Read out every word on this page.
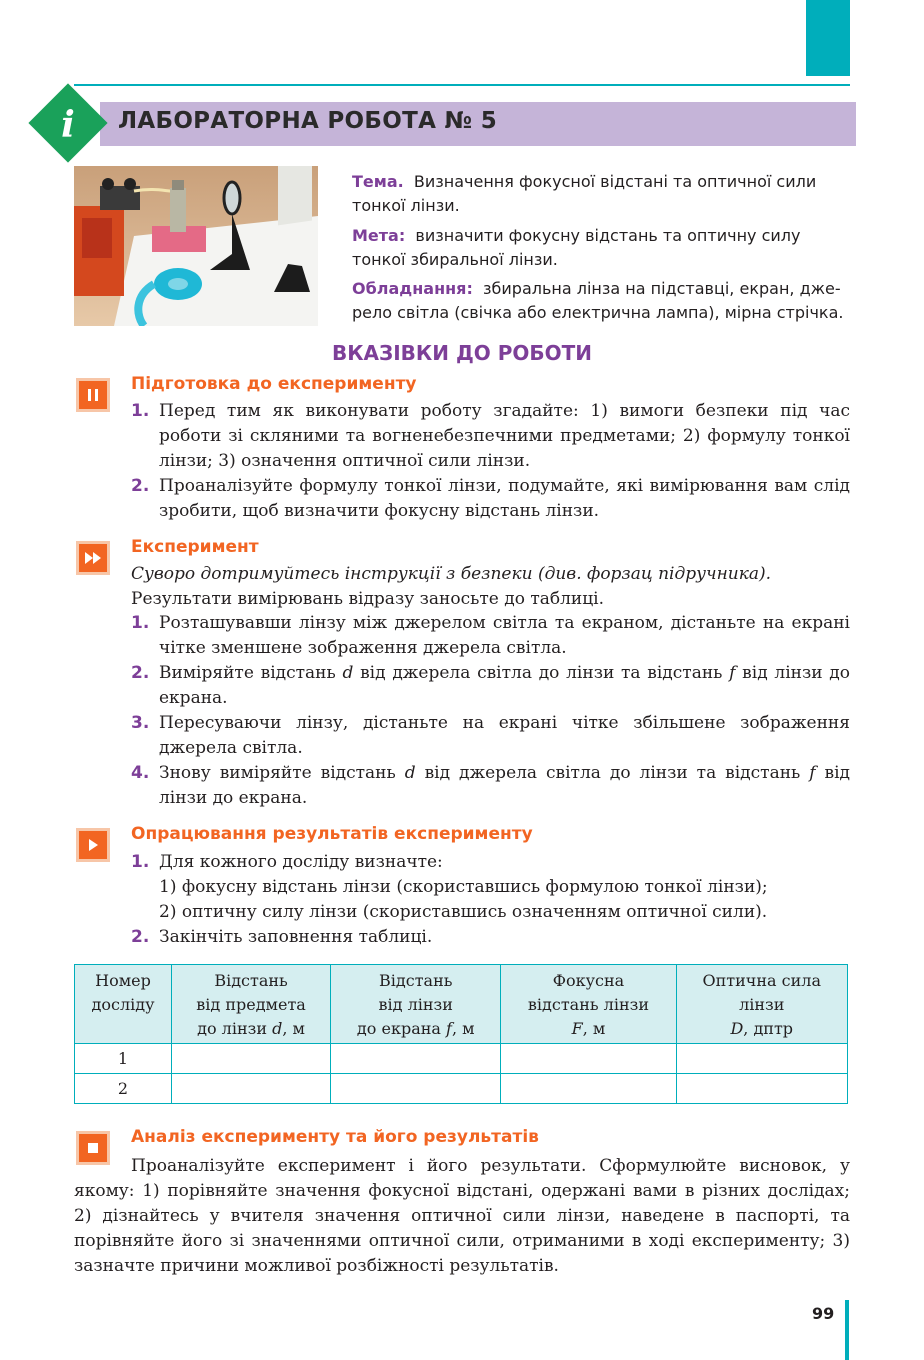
i	ЛАБОРАТОРНА РОБОТА № 5
Тема. Визначення фокусної відстані та оптичної сили тонкої лінзи.
Мета: визначити фокусну відстань та оптичну силу тонкої збиральної лінзи.
Обладнання: збиральна лінза на підставці, екран, джерело світла (свічка або електрична лампа), мірна стрічка.
ВКАЗІВКИ ДО РОБОТИ
Підготовка до експерименту
1. Перед тим як виконувати роботу згадайте: 1) вимоги безпеки під час роботи зі скляними та вогненебезпечними предметами; 2) формулу тонкої лінзи; 3) означення оптичної сили лінзи.
2. Проаналізуйте формулу тонкої лінзи, подумайте, які вимірювання вам слід зробити, щоб визначити фокусну відстань лінзи.
Експеримент
Суворо дотримуйтесь інструкції з безпеки (див. форзац підручника).
Результати вимірювань відразу заносьте до таблиці.
1. Розташувавши лінзу між джерелом світла та екраном, дістаньте на екрані чітке зменшене зображення джерела світла.
2. Виміряйте відстань d від джерела світла до лінзи та відстань f від лінзи до екрана.
3. Пересуваючи лінзу, дістаньте на екрані чітке збільшене зображення джерела світла.
4. Знову виміряйте відстань d від джерела світла до лінзи та відстань f від лінзи до екрана.
Опрацювання результатів експерименту
1. Для кожного досліду визначте:
1) фокусну відстань лінзи (скориставшись формулою тонкої лінзи);
2) оптичну силу лінзи (скориставшись означенням оптичної сили).
2. Закінчіть заповнення таблиці.
Номер
досліду	Відстань
від предмета
до лінзи d, м	Відстань
від лінзи
до екрана f, м	Фокусна
відстань лінзи
F, м	Оптична сила
лінзи
D, дптр
1				
2				
Аналіз експерименту та його результатів
Проаналізуйте експеримент і його результати. Сформулюйте висновок, у якому: 1) порівняйте значення фокусної відстані, одержані вами в різних дослідах; 2) дізнайтесь у вчителя значення оптичної сили лінзи, наведене в паспорті, та порівняйте його зі значеннями оптичної сили, отриманими в ході експерименту; 3) зазначте причини можливої розбіжності результатів.
99
